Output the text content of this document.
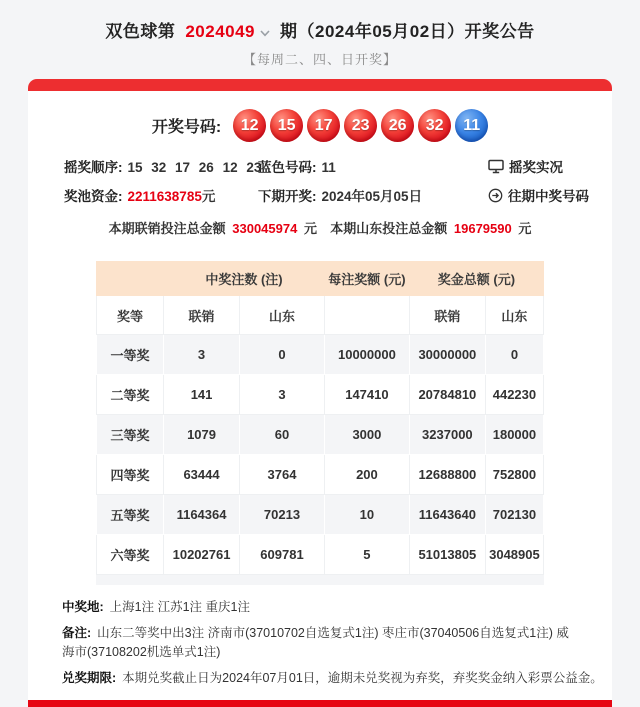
双色球第 2024049 期（2024年05月02日）开奖公告
【每周二、四、日开奖】
开奖号码:	12	15	17	23	26	32	11
摇奖顺序: 15 32 17 26 12 23
蓝色号码: 11	摇奖实况
奖池资金: 2211638785元	下期开奖: 2024年05月05日	往期中奖号码
本期联销投注总金额 330045974 元 本期山东投注总金额 19679590 元
	中奖注数 (注)		每注奖额 (元)	奖金总额 (元)	
奖等	联销	山东		联销	山东
一等奖	3	0	10000000	30000000	0
二等奖	141	3	147410	20784810	442230
三等奖	1079	60	3000	3237000	180000
四等奖	63444	3764	200	12688800	752800
五等奖	1164364	70213	10	11643640	702130
六等奖	10202761	609781	5	51013805	3048905
中奖地: 上海1注 江苏1注 重庆1注
备注: 山东二等奖中出3注 济南市(37010702自选复式1注) 枣庄市(37040506自选复式1注) 威海市(37108202机选单式1注)
兑奖期限: 本期兑奖截止日为2024年07月01日，逾期未兑奖视为弃奖，弃奖奖金纳入彩票公益金。
